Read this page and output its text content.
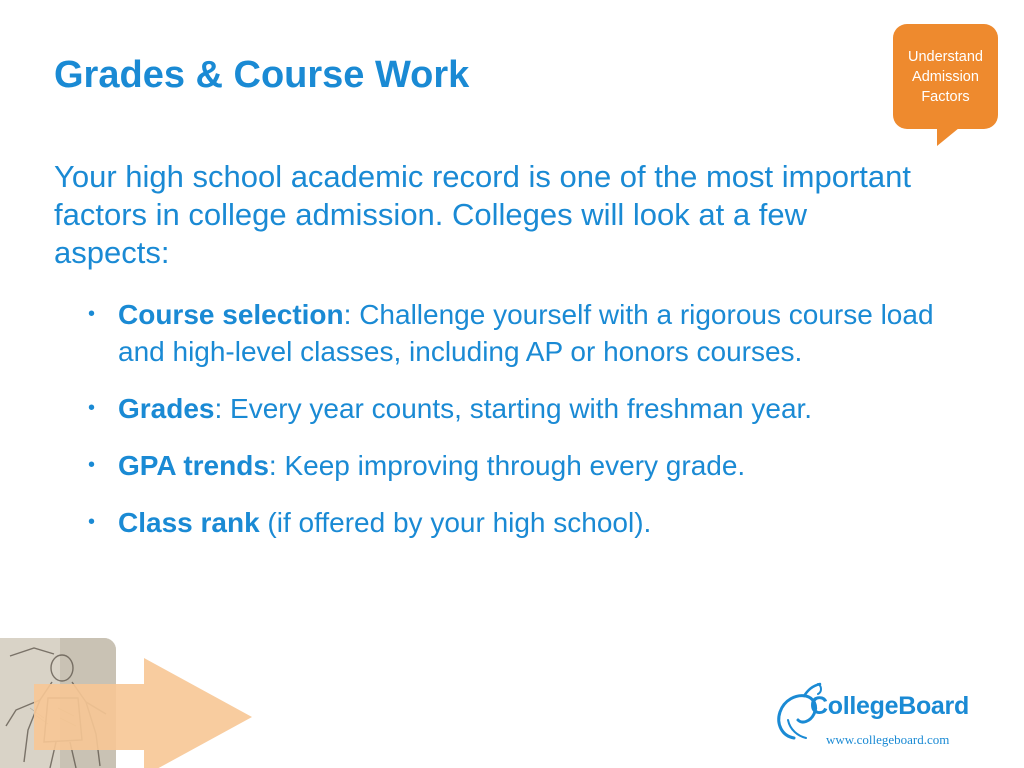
Grades & Course Work	Understand
Admission
Factors

Your high school academic record is one of the most important factors in college admission. Colleges will look at a few aspects:

• Course selection: Challenge yourself with a rigorous course load and high-level classes, including AP or honors courses.
• Grades: Every year counts, starting with freshman year.
• GPA trends: Keep improving through every grade.
• Class rank (if offered by your high school).
CollegeBoard
www.collegeboard.com
